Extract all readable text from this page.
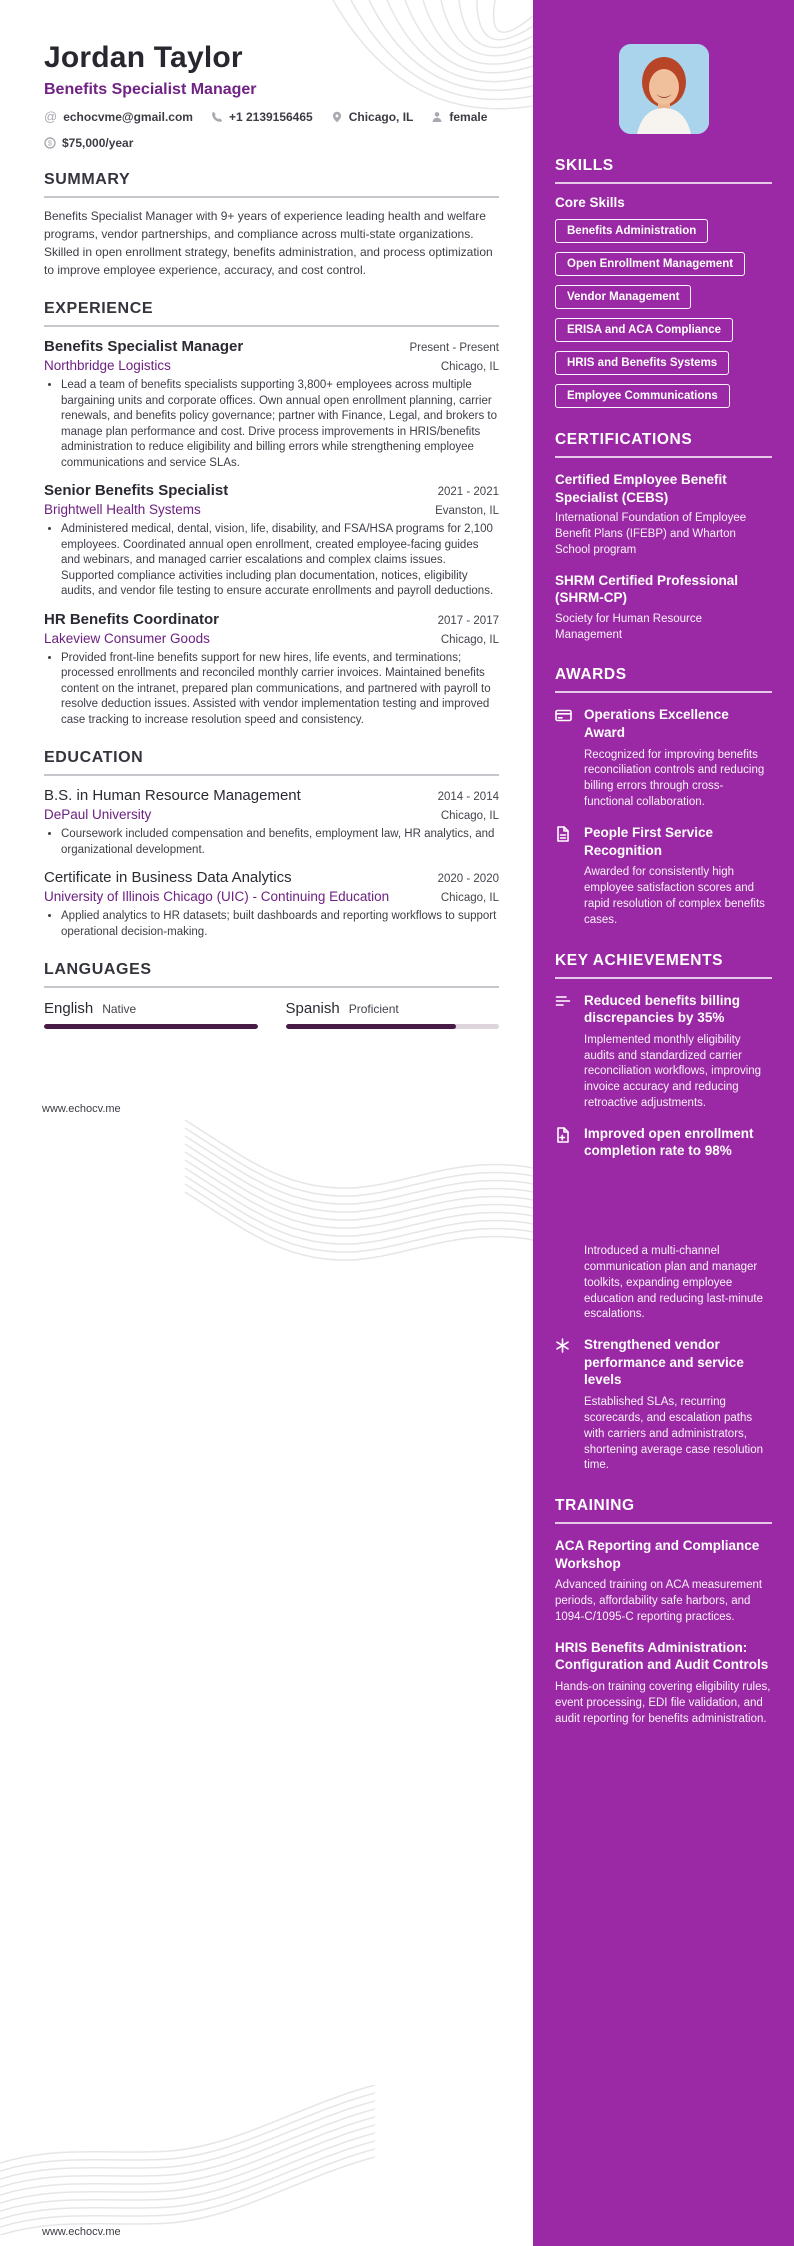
Jordan Taylor
Benefits Specialist Manager
@ echocvme@gmail.com	+1 2139156465	Chicago, IL	female
$ $75,000/year
SUMMARY

Benefits Specialist Manager with 9+ years of experience leading health and welfare programs, vendor partnerships, and compliance across multi-state organizations. Skilled in open enrollment strategy, benefits administration, and process optimization to improve employee experience, accuracy, and cost control.

EXPERIENCE
Benefits Specialist Manager	Present - Present
Northbridge Logistics	Chicago, IL
• Lead a team of benefits specialists supporting 3,800+ employees across multiple bargaining units and corporate offices. Own annual open enrollment planning, carrier renewals, and benefits policy governance; partner with Finance, Legal, and brokers to manage plan performance and cost. Drive process improvements in HRIS/benefits administration to reduce eligibility and billing errors while strengthening employee communications and service SLAs.
Senior Benefits Specialist	2021 - 2021
Brightwell Health Systems	Evanston, IL
• Administered medical, dental, vision, life, disability, and FSA/HSA programs for 2,100 employees. Coordinated annual open enrollment, created employee-facing guides and webinars, and managed carrier escalations and complex claims issues. Supported compliance activities including plan documentation, notices, eligibility audits, and vendor file testing to ensure accurate enrollments and payroll deductions.
HR Benefits Coordinator	2017 - 2017
Lakeview Consumer Goods	Chicago, IL
• Provided front-line benefits support for new hires, life events, and terminations; processed enrollments and reconciled monthly carrier invoices. Maintained benefits content on the intranet, prepared plan communications, and partnered with payroll to resolve deduction issues. Assisted with vendor implementation testing and improved case tracking to increase resolution speed and consistency.
EDUCATION
B.S. in Human Resource Management	2014 - 2014
DePaul University	Chicago, IL
• Coursework included compensation and benefits, employment law, HR analytics, and organizational development.
Certificate in Business Data Analytics	2020 - 2020
University of Illinois Chicago (UIC) - Continuing Education	Chicago, IL
• Applied analytics to HR datasets; built dashboards and reporting workflows to support operational decision-making.
LANGUAGES
English Native	Spanish Proficient
SKILLS
Core Skills
Benefits Administration
Open Enrollment Management
Vendor Management
ERISA and ACA Compliance
HRIS and Benefits Systems
Employee Communications
CERTIFICATIONS
Certified Employee Benefit Specialist (CEBS)
International Foundation of Employee Benefit Plans (IFEBP) and Wharton School program
SHRM Certified Professional (SHRM-CP)
Society for Human Resource Management
AWARDS
Operations Excellence Award
Recognized for improving benefits reconciliation controls and reducing billing errors through cross-functional collaboration.
People First Service Recognition
Awarded for consistently high employee satisfaction scores and rapid resolution of complex benefits cases.
KEY ACHIEVEMENTS
Reduced benefits billing discrepancies by 35%
Implemented monthly eligibility audits and standardized carrier reconciliation workflows, improving invoice accuracy and reducing retroactive adjustments.
Improved open enrollment completion rate to 98%
Introduced a multi-channel communication plan and manager toolkits, expanding employee education and reducing last-minute escalations.
Strengthened vendor performance and service levels
Established SLAs, recurring scorecards, and escalation paths with carriers and administrators, shortening average case resolution time.
TRAINING
ACA Reporting and Compliance Workshop
Advanced training on ACA measurement periods, affordability safe harbors, and 1094-C/1095-C reporting practices.
HRIS Benefits Administration: Configuration and Audit Controls
Hands-on training covering eligibility rules, event processing, EDI file validation, and audit reporting for benefits administration.
www.echocv.me
www.echocv.me
